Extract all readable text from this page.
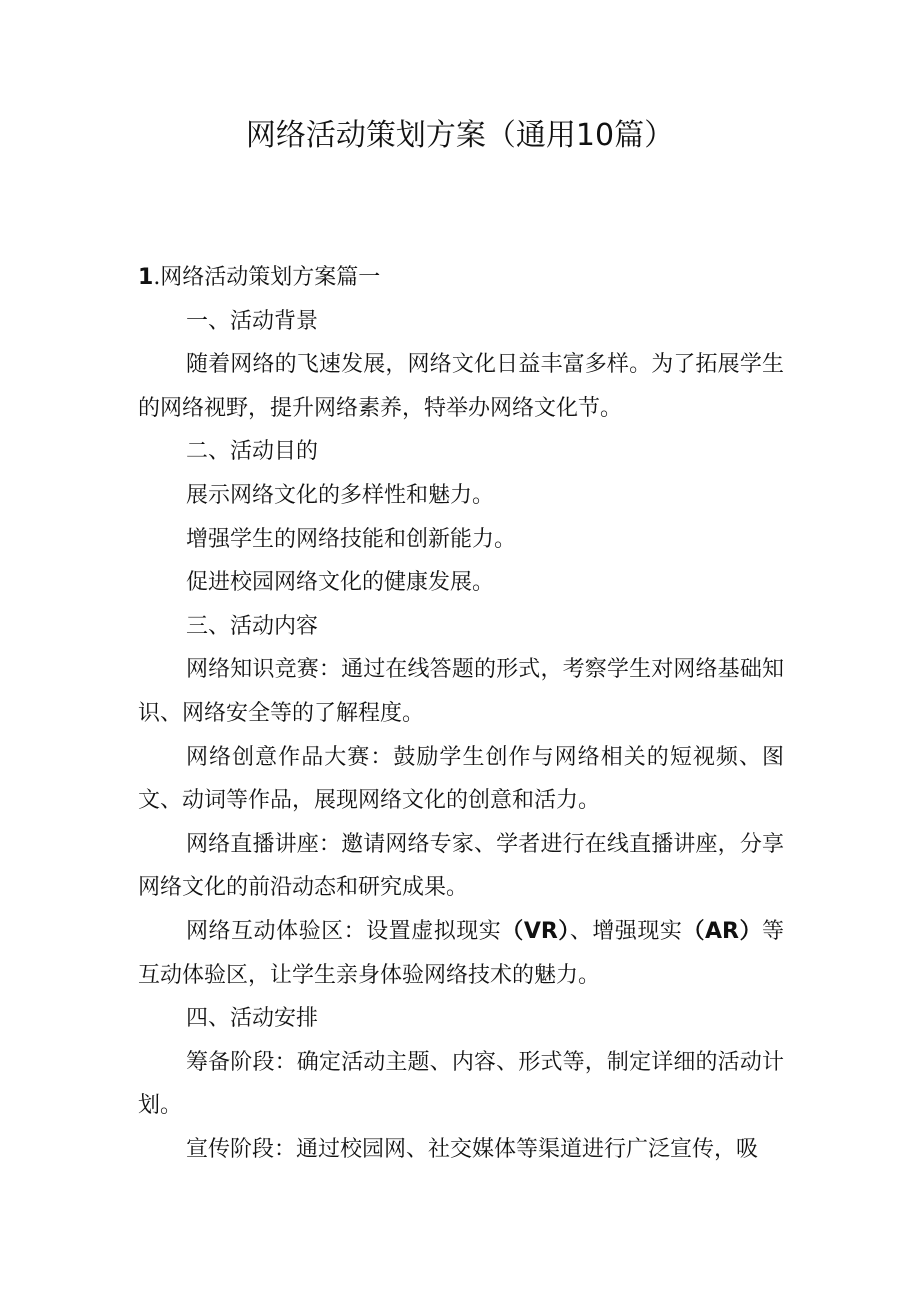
网络活动策划方案（通用10篇）

1.网络活动策划方案篇一

一、活动背景

随着网络的飞速发展，网络文化日益丰富多样。为了拓展学生的网络视野，提升网络素养，特举办网络文化节。

二、活动目的

展示网络文化的多样性和魅力。

增强学生的网络技能和创新能力。

促进校园网络文化的健康发展。

三、活动内容

网络知识竞赛：通过在线答题的形式，考察学生对网络基础知识、网络安全等的了解程度。

网络创意作品大赛：鼓励学生创作与网络相关的短视频、图文、动词等作品，展现网络文化的创意和活力。

网络直播讲座：邀请网络专家、学者进行在线直播讲座，分享网络文化的前沿动态和研究成果。

网络互动体验区：设置虚拟现实（VR）、增强现实（AR）等互动体验区，让学生亲身体验网络技术的魅力。

四、活动安排

筹备阶段：确定活动主题、内容、形式等，制定详细的活动计划。

宣传阶段：通过校园网、社交媒体等渠道进行广泛宣传，吸
